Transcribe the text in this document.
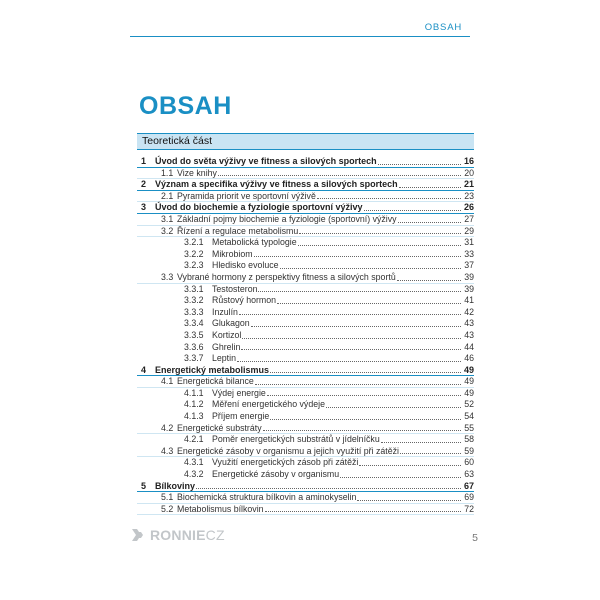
OBSAH
OBSAH
Teoretická část
1 Úvod do světa výživy ve fitness a silových sportech	16
1.1 Vize knihy	20
2 Význam a specifika výživy ve fitness a silových sportech	21
2.1 Pyramida priorit ve sportovní výživě	23
3 Úvod do biochemie a fyziologie sportovní výživy	26
3.1 Základní pojmy biochemie a fyziologie (sportovní) výživy	27
3.2 Řízení a regulace metabolismu	29
3.2.1 Metabolická typologie	31
3.2.2 Mikrobiom	33
3.2.3 Hledisko evoluce	37
3.3 Vybrané hormony z perspektivy fitness a silových sportů	39
3.3.1 Testosteron	39
3.3.2 Růstový hormon	41
3.3.3 Inzulín	42
3.3.4 Glukagon	43
3.3.5 Kortizol	43
3.3.6 Ghrelin	44
3.3.7 Leptin	46
4 Energetický metabolismus	49
4.1 Energetická bilance	49
4.1.1 Výdej energie	49
4.1.2 Měření energetického výdeje	52
4.1.3 Příjem energie	54
4.2 Energetické substráty	55
4.2.1 Poměr energetických substrátů v jídelníčku	58
4.3 Energetické zásoby v organismu a jejich využití při zátěži	59
4.3.1 Využití energetických zásob při zátěži	60
4.3.2 Energetické zásoby v organismu	63
5 Bílkoviny	67
5.1 Biochemická struktura bílkovin a aminokyselin	69
5.2 Metabolismus bílkovin	72
RONNIECZ	5
